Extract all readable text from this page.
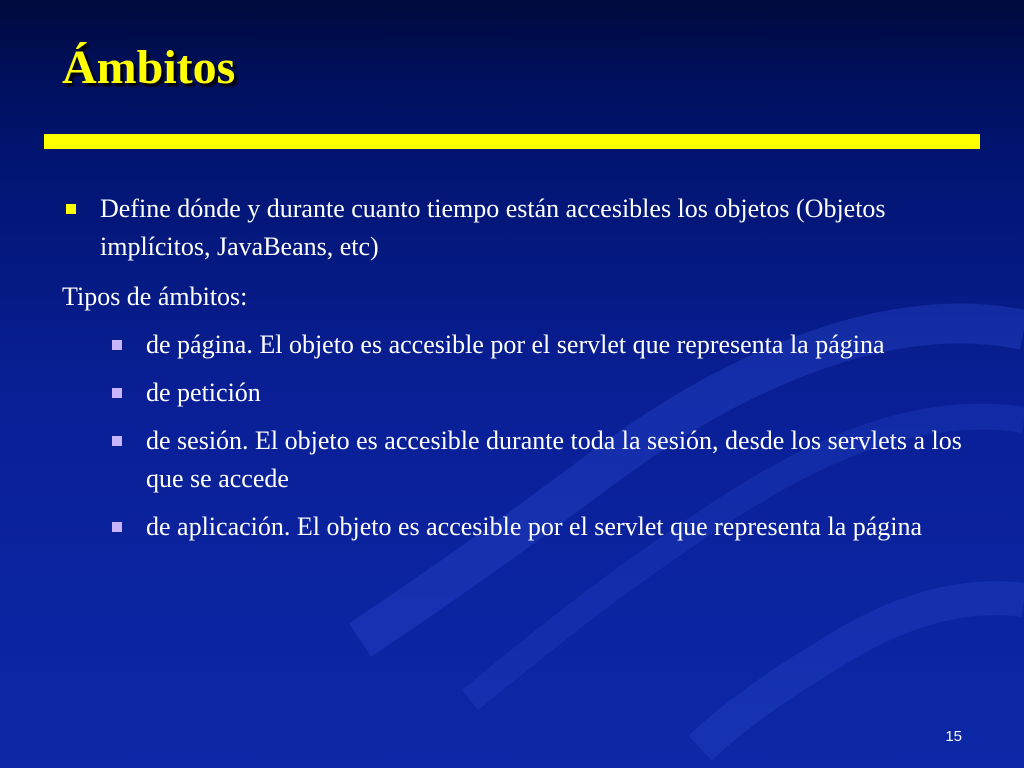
Ámbitos
Define dónde y durante cuanto tiempo están accesibles los objetos (Objetos implícitos, JavaBeans, etc)
Tipos de ámbitos:
de página. El objeto es accesible por el servlet que representa la página
de petición
de sesión. El objeto es accesible durante toda la sesión, desde los servlets a los que se accede
de aplicación. El objeto es accesible por el servlet que representa la página
15
